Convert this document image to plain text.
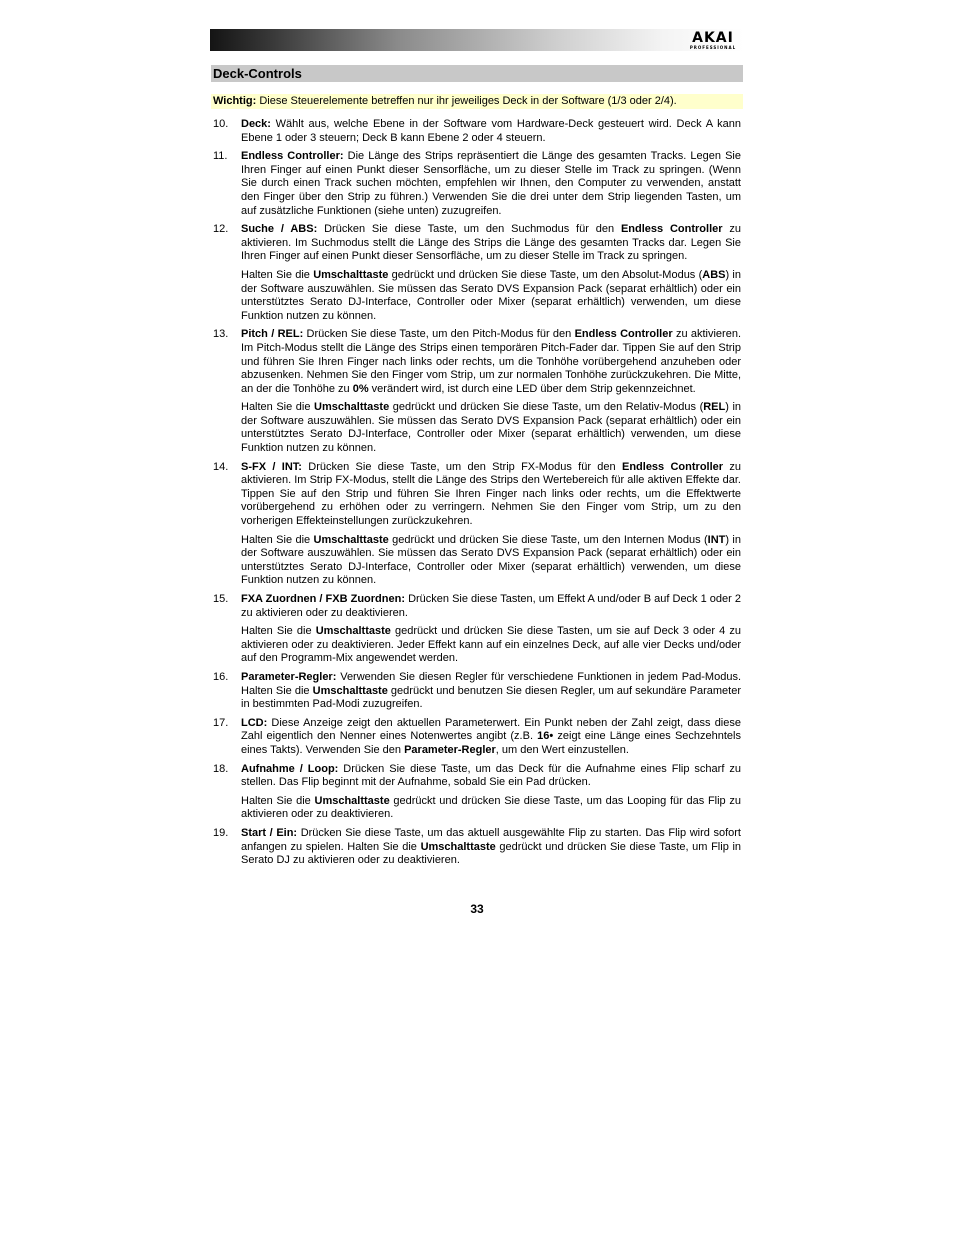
AKAI
PROFESSIONAL
Deck-Controls
Wichtig: Diese Steuerelemente betreffen nur ihr jeweiliges Deck in der Software (1/3 oder 2/4).
10.	Deck: Wählt aus, welche Ebene in der Software vom Hardware-Deck gesteuert wird. Deck A kann Ebene 1 oder 3 steuern; Deck B kann Ebene 2 oder 4 steuern.

11.	Endless Controller: Die Länge des Strips repräsentiert die Länge des gesamten Tracks. Legen Sie Ihren Finger auf einen Punkt dieser Sensorfläche, um zu dieser Stelle im Track zu springen. (Wenn Sie durch einen Track suchen möchten, empfehlen wir Ihnen, den Computer zu verwenden, anstatt den Finger über den Strip zu führen.) Verwenden Sie die drei unter dem Strip liegenden Tasten, um auf zusätzliche Funktionen (siehe unten) zuzugreifen.

12.	Suche / ABS: Drücken Sie diese Taste, um den Suchmodus für den Endless Controller zu aktivieren. Im Suchmodus stellt die Länge des Strips die Länge des gesamten Tracks dar. Legen Sie Ihren Finger auf einen Punkt dieser Sensorfläche, um zu dieser Stelle im Track zu springen.

Halten Sie die Umschalttaste gedrückt und drücken Sie diese Taste, um den Absolut-Modus (ABS) in der Software auszuwählen. Sie müssen das Serato DVS Expansion Pack (separat erhältlich) oder ein unterstütztes Serato DJ-Interface, Controller oder Mixer (separat erhältlich) verwenden, um diese Funktion nutzen zu können.

13.	Pitch / REL: Drücken Sie diese Taste, um den Pitch-Modus für den Endless Controller zu aktivieren. Im Pitch-Modus stellt die Länge des Strips einen temporären Pitch-Fader dar. Tippen Sie auf den Strip und führen Sie Ihren Finger nach links oder rechts, um die Tonhöhe vorübergehend anzuheben oder abzusenken. Nehmen Sie den Finger vom Strip, um zur normalen Tonhöhe zurückzukehren. Die Mitte, an der die Tonhöhe zu 0% verändert wird, ist durch eine LED über dem Strip gekennzeichnet.

Halten Sie die Umschalttaste gedrückt und drücken Sie diese Taste, um den Relativ-Modus (REL) in der Software auszuwählen. Sie müssen das Serato DVS Expansion Pack (separat erhältlich) oder ein unterstütztes Serato DJ-Interface, Controller oder Mixer (separat erhältlich) verwenden, um diese Funktion nutzen zu können.

14.	S-FX / INT: Drücken Sie diese Taste, um den Strip FX-Modus für den Endless Controller zu aktivieren. Im Strip FX-Modus, stellt die Länge des Strips den Wertebereich für alle aktiven Effekte dar. Tippen Sie auf den Strip und führen Sie Ihren Finger nach links oder rechts, um die Effektwerte vorübergehend zu erhöhen oder zu verringern. Nehmen Sie den Finger vom Strip, um zu den vorherigen Effekteinstellungen zurückzukehren.

Halten Sie die Umschalttaste gedrückt und drücken Sie diese Taste, um den Internen Modus (INT) in der Software auszuwählen. Sie müssen das Serato DVS Expansion Pack (separat erhältlich) oder ein unterstütztes Serato DJ-Interface, Controller oder Mixer (separat erhältlich) verwenden, um diese Funktion nutzen zu können.

15.	FXA Zuordnen / FXB Zuordnen: Drücken Sie diese Tasten, um Effekt A und/oder B auf Deck 1 oder 2 zu aktivieren oder zu deaktivieren.

Halten Sie die Umschalttaste gedrückt und drücken Sie diese Tasten, um sie auf Deck 3 oder 4 zu aktivieren oder zu deaktivieren. Jeder Effekt kann auf ein einzelnes Deck, auf alle vier Decks und/oder auf den Programm-Mix angewendet werden.

16.	Parameter-Regler: Verwenden Sie diesen Regler für verschiedene Funktionen in jedem Pad-Modus. Halten Sie die Umschalttaste gedrückt und benutzen Sie diesen Regler, um auf sekundäre Parameter in bestimmten Pad-Modi zuzugreifen.

17.	LCD: Diese Anzeige zeigt den aktuellen Parameterwert. Ein Punkt neben der Zahl zeigt, dass diese Zahl eigentlich den Nenner eines Notenwertes angibt (z.B. 16• zeigt eine Länge eines Sechzehntels eines Takts). Verwenden Sie den Parameter-Regler, um den Wert einzustellen.

18.	Aufnahme / Loop: Drücken Sie diese Taste, um das Deck für die Aufnahme eines Flip scharf zu stellen. Das Flip beginnt mit der Aufnahme, sobald Sie ein Pad drücken.

Halten Sie die Umschalttaste gedrückt und drücken Sie diese Taste, um das Looping für das Flip zu aktivieren oder zu deaktivieren.

19.	Start / Ein: Drücken Sie diese Taste, um das aktuell ausgewählte Flip zu starten. Das Flip wird sofort anfangen zu spielen. Halten Sie die Umschalttaste gedrückt und drücken Sie diese Taste, um Flip in Serato DJ zu aktivieren oder zu deaktivieren.

33
